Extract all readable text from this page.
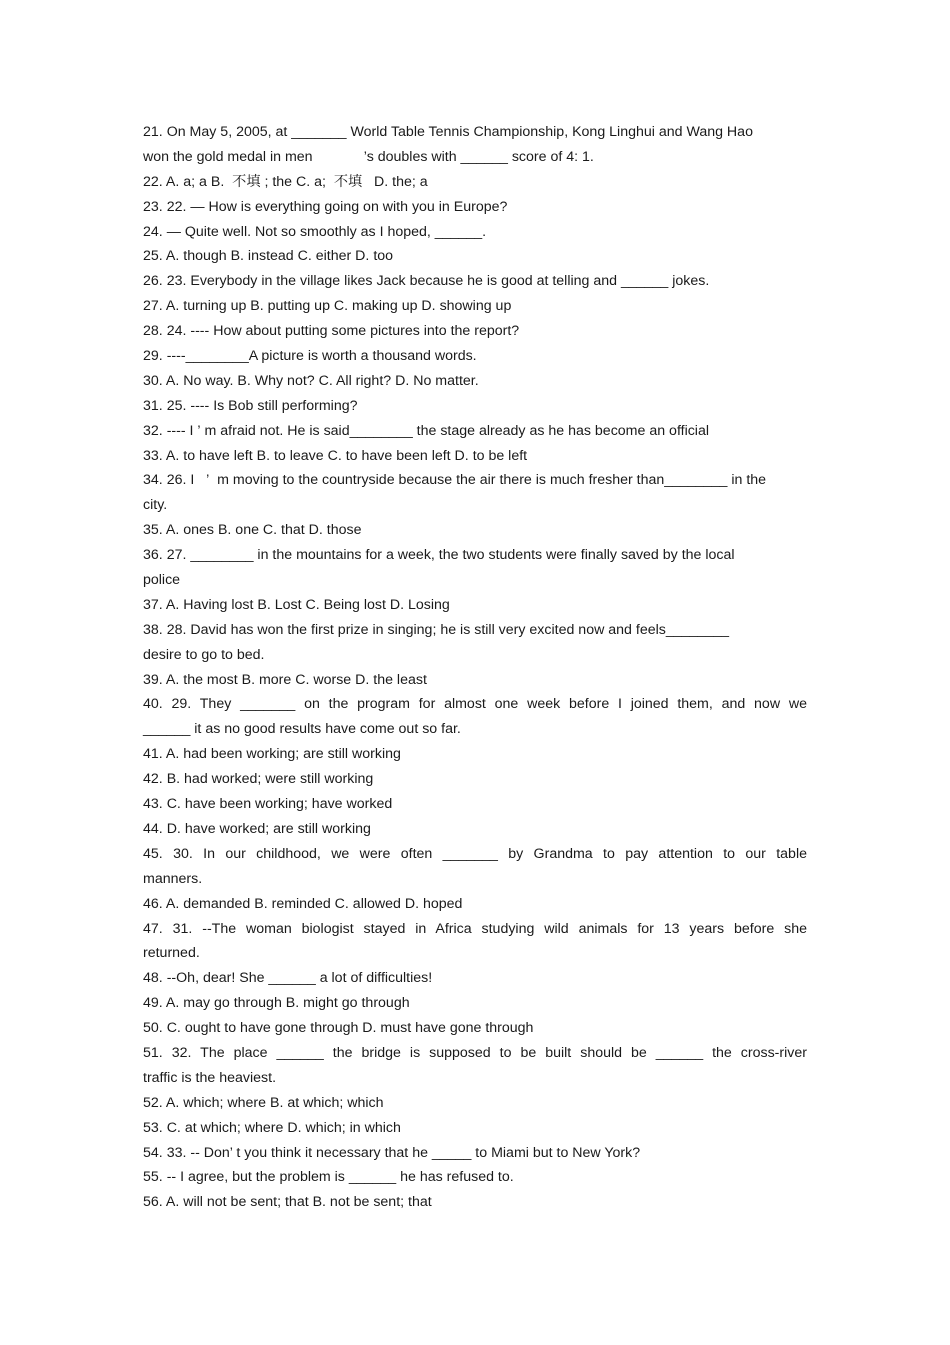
21. On May 5, 2005, at _______ World Table Tennis Championship, Kong Linghui and Wang Hao
won the gold medal in men             ’s doubles with ______ score of 4: 1.
22. A. a; a B.  不填 ; the C. a;  不填   D. the; a
23. 22. — How is everything going on with you in Europe?
24. — Quite well. Not so smoothly as I hoped, ______.
25. A. though B. instead C. either D. too
26. 23. Everybody in the village likes Jack because he is good at telling and ______ jokes.
27. A. turning up B. putting up C. making up D. showing up
28. 24. ---- How about putting some pictures into the report?
29. ----________A picture is worth a thousand words.
30. A. No way. B. Why not? C. All right? D. No matter.
31. 25. ---- Is Bob still performing?
32. ---- I ’ m afraid not. He is said________ the stage already as he has become an official
33. A. to have left B. to leave C. to have been left D. to be left
34. 26. I   ’  m moving to the countryside because the air there is much fresher than________ in the
city.
35. A. ones B. one C. that D. those
36. 27. ________ in the mountains for a week, the two students were finally saved by the local
police
37. A. Having lost B. Lost C. Being lost D. Losing
38. 28. David has won the first prize in singing; he is still very excited now and feels________
desire to go to bed.
39. A. the most B. more C. worse D. the least
40. 29. They _______ on the program for almost one week before I joined them, and now we
______ it as no good results have come out so far.
41. A. had been working; are still working
42. B. had worked; were still working
43. C. have been working; have worked
44. D. have worked; are still working
45. 30. In our childhood, we were often _______ by Grandma to pay attention to our table
manners.
46. A. demanded B. reminded C. allowed D. hoped
47. 31. --The woman biologist stayed in Africa studying wild animals for 13 years before she
returned.
48. --Oh, dear! She ______ a lot of difficulties!
49. A. may go through B. might go through
50. C. ought to have gone through D. must have gone through
51. 32. The place ______ the bridge is supposed to be built should be ______ the cross-river
traffic is the heaviest.
52. A. which; where B. at which; which
53. C. at which; where D. which; in which
54. 33. -- Don’ t you think it necessary that he _____ to Miami but to New York?
55. -- I agree, but the problem is ______ he has refused to.
56. A. will not be sent; that B. not be sent; that
